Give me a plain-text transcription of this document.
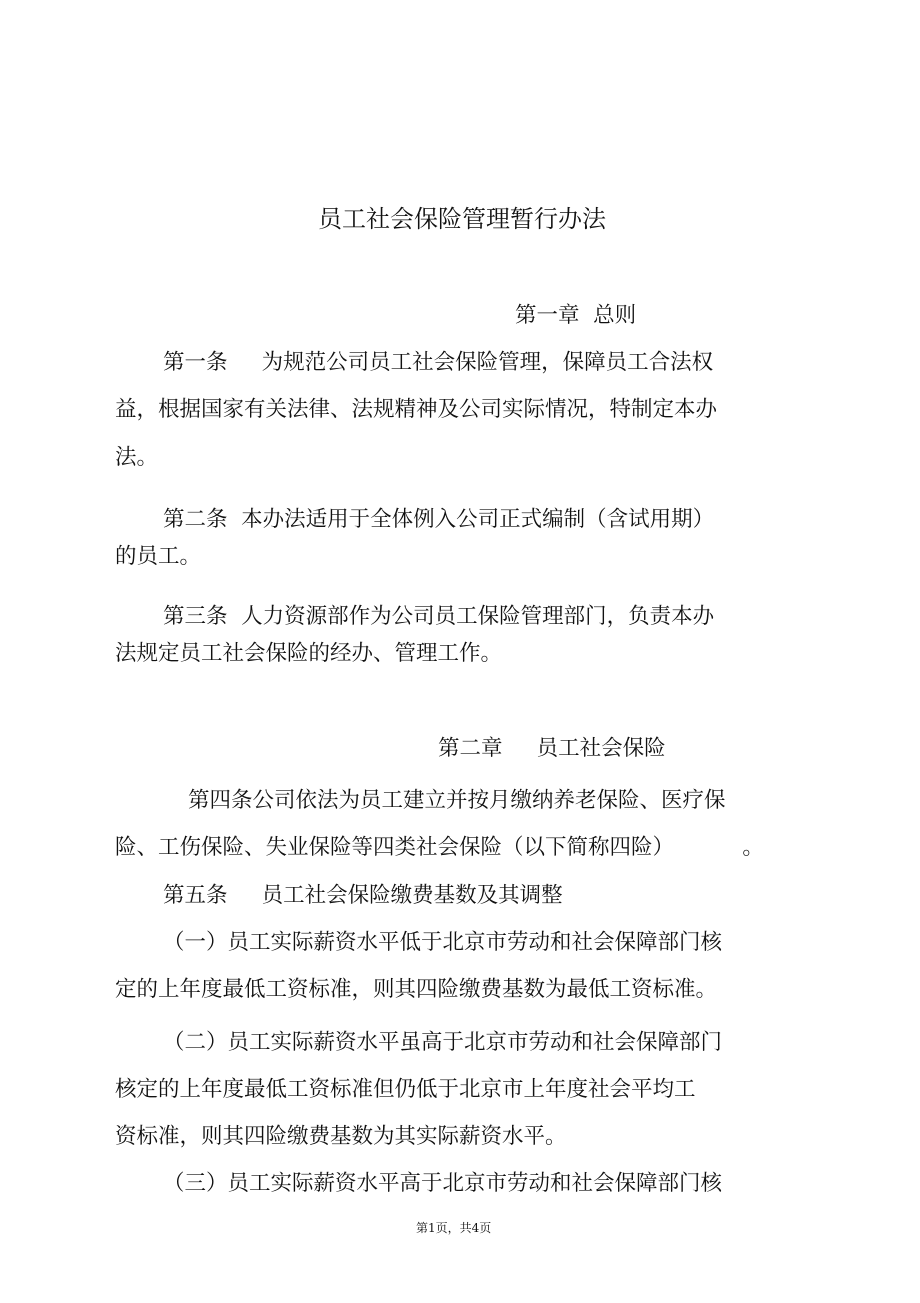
员工社会保险管理暂行办法
第一章  总则
第一条     为规范公司员工社会保险管理，保障员工合法权
益，根据国家有关法律、法规精神及公司实际情况，特制定本办
法。
第二条  本办法适用于全体例入公司正式编制（含试用期）
的员工。
第三条  人力资源部作为公司员工保险管理部门，负责本办
法规定员工社会保险的经办、管理工作。
第二章     员工社会保险
第四条公司依法为员工建立并按月缴纳养老保险、医疗保
险、工伤保险、失业保险等四类社会保险（以下简称四险）          。
第五条     员工社会保险缴费基数及其调整
（一）员工实际薪资水平低于北京市劳动和社会保障部门核
定的上年度最低工资标准，则其四险缴费基数为最低工资标准。
（二）员工实际薪资水平虽高于北京市劳动和社会保障部门
核定的上年度最低工资标准但仍低于北京市上年度社会平均工
资标准，则其四险缴费基数为其实际薪资水平。
（三）员工实际薪资水平高于北京市劳动和社会保障部门核
第1页，共4页
